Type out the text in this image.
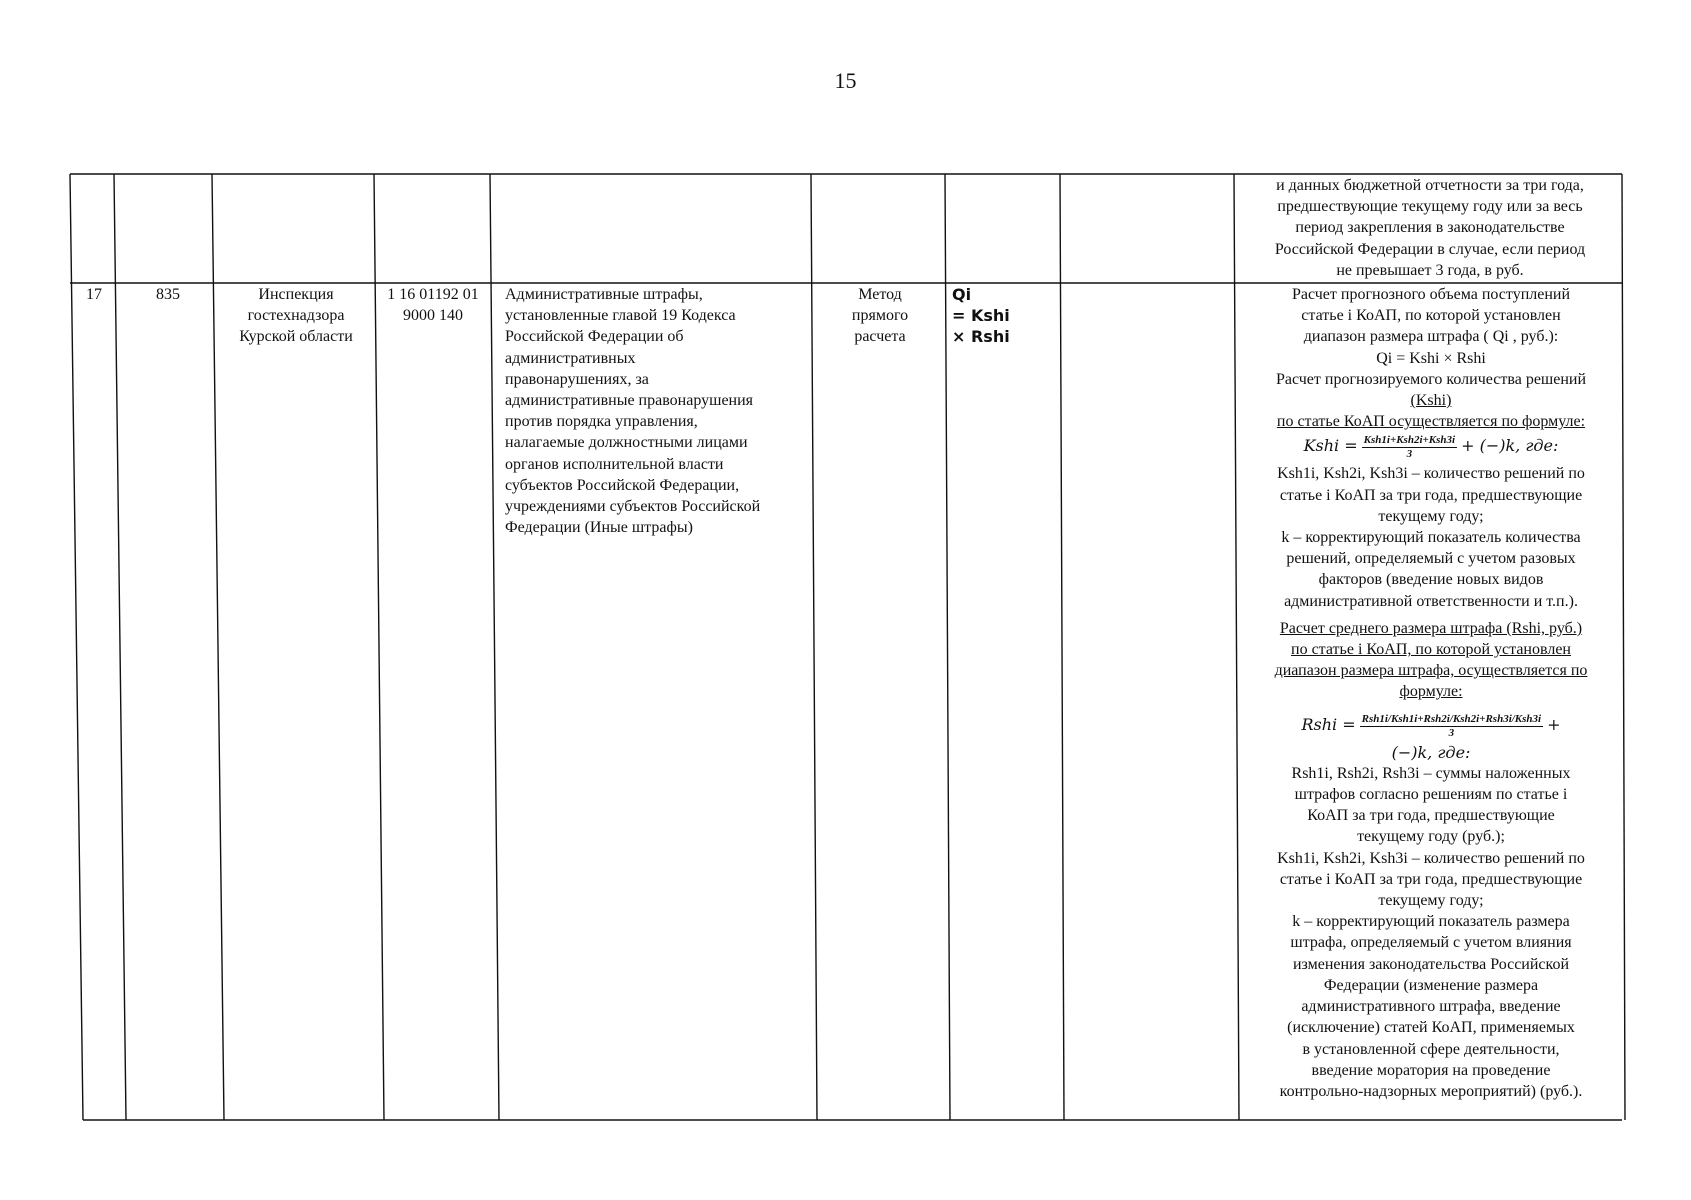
15
и данных бюджетной отчетности за три года,
предшествующие текущему году или за весь
период закрепления в законодательстве
Российской Федерации в случае, если период
не превышает 3 года, в руб.
17	835	Инспекция гостехнадзора Курской области
1 16 01192 01 9000 140
Административные штрафы,
установленные главой 19 Кодекса
Российской Федерации об
административных
правонарушениях, за
административные правонарушения
против порядка управления,
налагаемые должностными лицами
органов исполнительной власти
субъектов Российской Федерации,
учреждениями субъектов Российской
Федерации (Иные штрафы)
Метод прямого расчета
Qi
= Kshi
× Rshi
Расчет прогнозного объема поступлений
статье i КоАП, по которой установлен
диапазон размера штрафа ( Qi , руб.):
Qi = Kshi × Rshi
Расчет прогнозируемого количества решений
(Kshi)
по статье КоАП осуществляется по формуле:
Kshi = $\frac{\text{Ksh1i+Ksh2i+Ksh3i}}{3} + (-)k$, где:
Ksh1i, Ksh2i, Ksh3i – количество решений по
статье i КоАП за три года, предшествующие
текущему году;
k – корректирующий показатель количества
решений, определяемый с учетом разовых
факторов (введение новых видов
административной ответственности и т.п.).
Расчет среднего размера штрафа (Rshi, руб.)
по статье i КоАП, по которой установлен
диапазон размера штрафа, осуществляется по
формуле:
Rshi = $\frac{\text{Rsh1i/Ksh1i+Rsh2i/Ksh2i+Rsh3i/Ksh3i}}{3}$ +
(−)k, где:
Rsh1i, Rsh2i, Rsh3i – суммы наложенных
штрафов согласно решениям по статье i
КоАП за три года, предшествующие
текущему году (руб.);
Ksh1i, Ksh2i, Ksh3i – количество решений по
статье i КоАП за три года, предшествующие
текущему году;
k – корректирующий показатель размера
штрафа, определяемый с учетом влияния
изменения законодательства Российской
Федерации (изменение размера
административного штрафа, введение
(исключение) статей КоАП, применяемых
в установленной сфере деятельности,
введение моратория на проведение
контрольно-надзорных мероприятий) (руб.).
